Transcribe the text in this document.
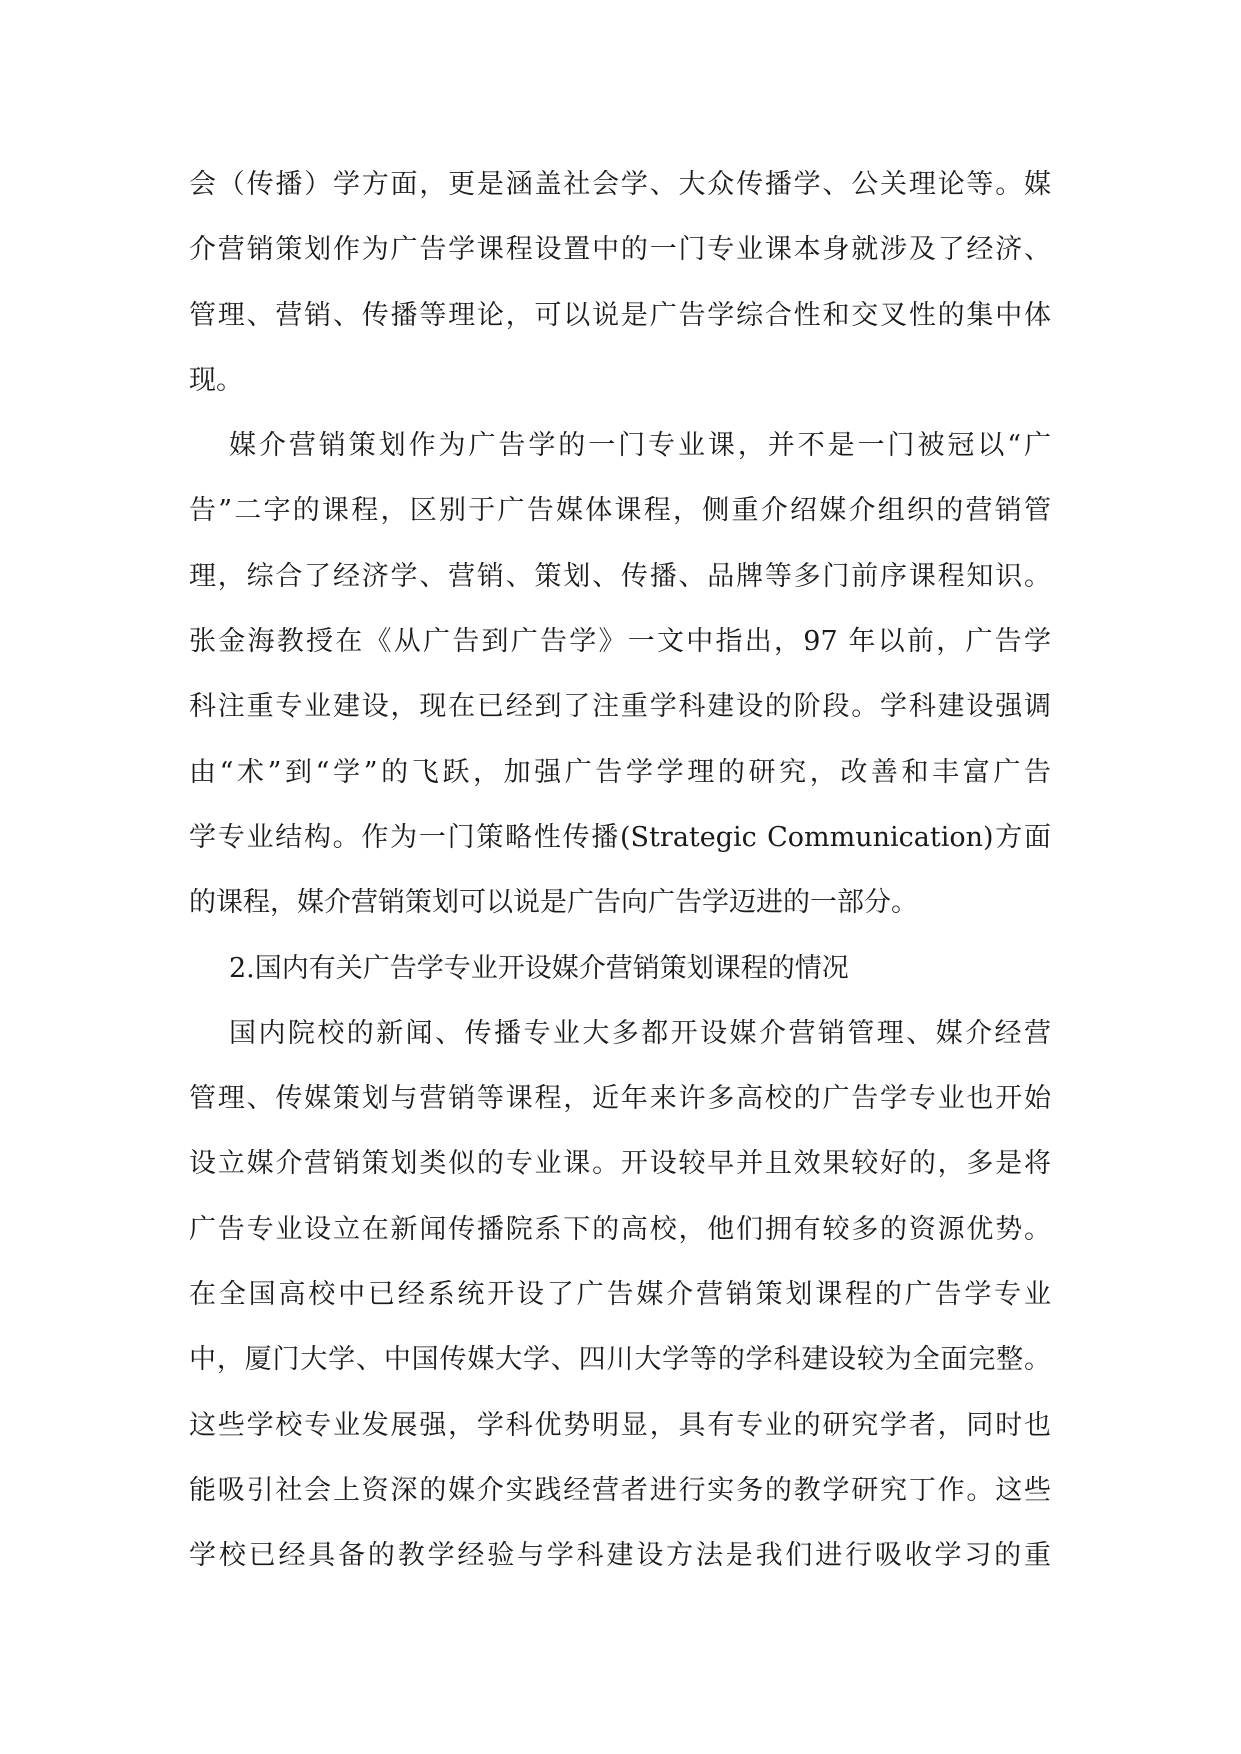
会（传播）学方面，更是涵盖社会学、大众传播学、公关理论等。媒
介营销策划作为广告学课程设置中的一门专业课本身就涉及了经济、
管理、营销、传播等理论，可以说是广告学综合性和交叉性的集中体
现。
媒介营销策划作为广告学的一门专业课，并不是一门被冠以“广
告”二字的课程，区别于广告媒体课程，侧重介绍媒介组织的营销管
理，综合了经济学、营销、策划、传播、品牌等多门前序课程知识。
张金海教授在《从广告到广告学》一文中指出，97 年以前，广告学
科注重专业建设，现在已经到了注重学科建设的阶段。学科建设强调
由“术”到“学”的飞跃，加强广告学学理的研究，改善和丰富广告
学专业结构。作为一门策略性传播(Strategic Communication)方面
的课程，媒介营销策划可以说是广告向广告学迈进的一部分。
2.国内有关广告学专业开设媒介营销策划课程的情况
国内院校的新闻、传播专业大多都开设媒介营销管理、媒介经营
管理、传媒策划与营销等课程，近年来许多高校的广告学专业也开始
设立媒介营销策划类似的专业课。开设较早并且效果较好的，多是将
广告专业设立在新闻传播院系下的高校，他们拥有较多的资源优势。
在全国高校中已经系统开设了广告媒介营销策划课程的广告学专业
中，厦门大学、中国传媒大学、四川大学等的学科建设较为全面完整。
这些学校专业发展强，学科优势明显，具有专业的研究学者，同时也
能吸引社会上资深的媒介实践经营者进行实务的教学研究丁作。这些
学校已经具备的教学经验与学科建设方法是我们进行吸收学习的重
